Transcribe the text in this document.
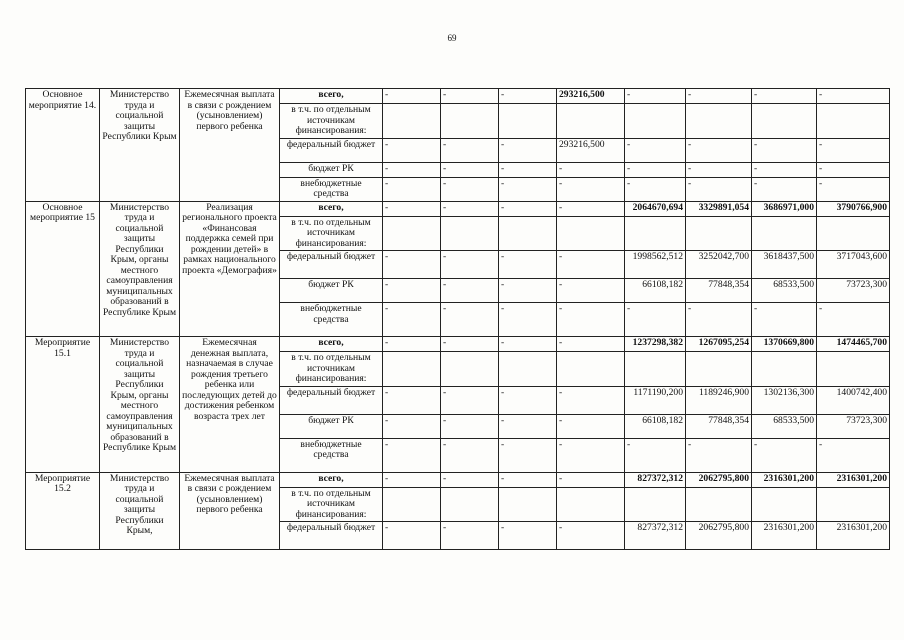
69
Основное мероприятие 14.	Министерство труда и социальной защиты Республики Крым	Ежемесячная выплата в связи с рождением (усыновлением) первого ребенка	всего,	-	-	-	293216,500	-	-	-	-
			в т.ч. по отдельным источникам финансирования:								
			федеральный бюджет	-	-	-	293216,500	-	-	-	-
			бюджет РК	-	-	-	-	-	-	-	-
			внебюджетные средства	-	-	-	-	-	-	-	-
Основное мероприятие 15	Министерство труда и социальной защиты Республики Крым, органы местного самоуправления муниципальных образований в Республике Крым	Реализация регионального проекта «Финансовая поддержка семей при рождении детей» в рамках национального проекта «Демография»	всего,	-	-	-	-	2064670,694	3329891,054	3686971,000	3790766,900
			в т.ч. по отдельным источникам финансирования:								
			федеральный бюджет	-	-	-	-	1998562,512	3252042,700	3618437,500	3717043,600
			бюджет РК	-	-	-	-	66108,182	77848,354	68533,500	73723,300
			внебюджетные средства	-	-	-	-	-	-	-	-
Мероприятие 15.1	Министерство труда и социальной защиты Республики Крым, органы местного самоуправления муниципальных образований в Республике Крым	Ежемесячная денежная выплата, назначаемая в случае рождения третьего ребенка или последующих детей до достижения ребенком возраста трех лет	всего,	-	-	-	-	1237298,382	1267095,254	1370669,800	1474465,700
			в т.ч. по отдельным источникам финансирования:								
			федеральный бюджет	-	-	-	-	1171190,200	1189246,900	1302136,300	1400742,400
			бюджет РК	-	-	-	-	66108,182	77848,354	68533,500	73723,300
			внебюджетные средства	-	-	-	-	-	-	-	-
Мероприятие 15.2	Министерство труда и социальной защиты Республики Крым,	Ежемесячная выплата в связи с рождением (усыновлением) первого ребенка	всего,	-	-	-	-	827372,312	2062795,800	2316301,200	2316301,200
			в т.ч. по отдельным источникам финансирования:								
			федеральный бюджет	-	-	-	-	827372,312	2062795,800	2316301,200	2316301,200
